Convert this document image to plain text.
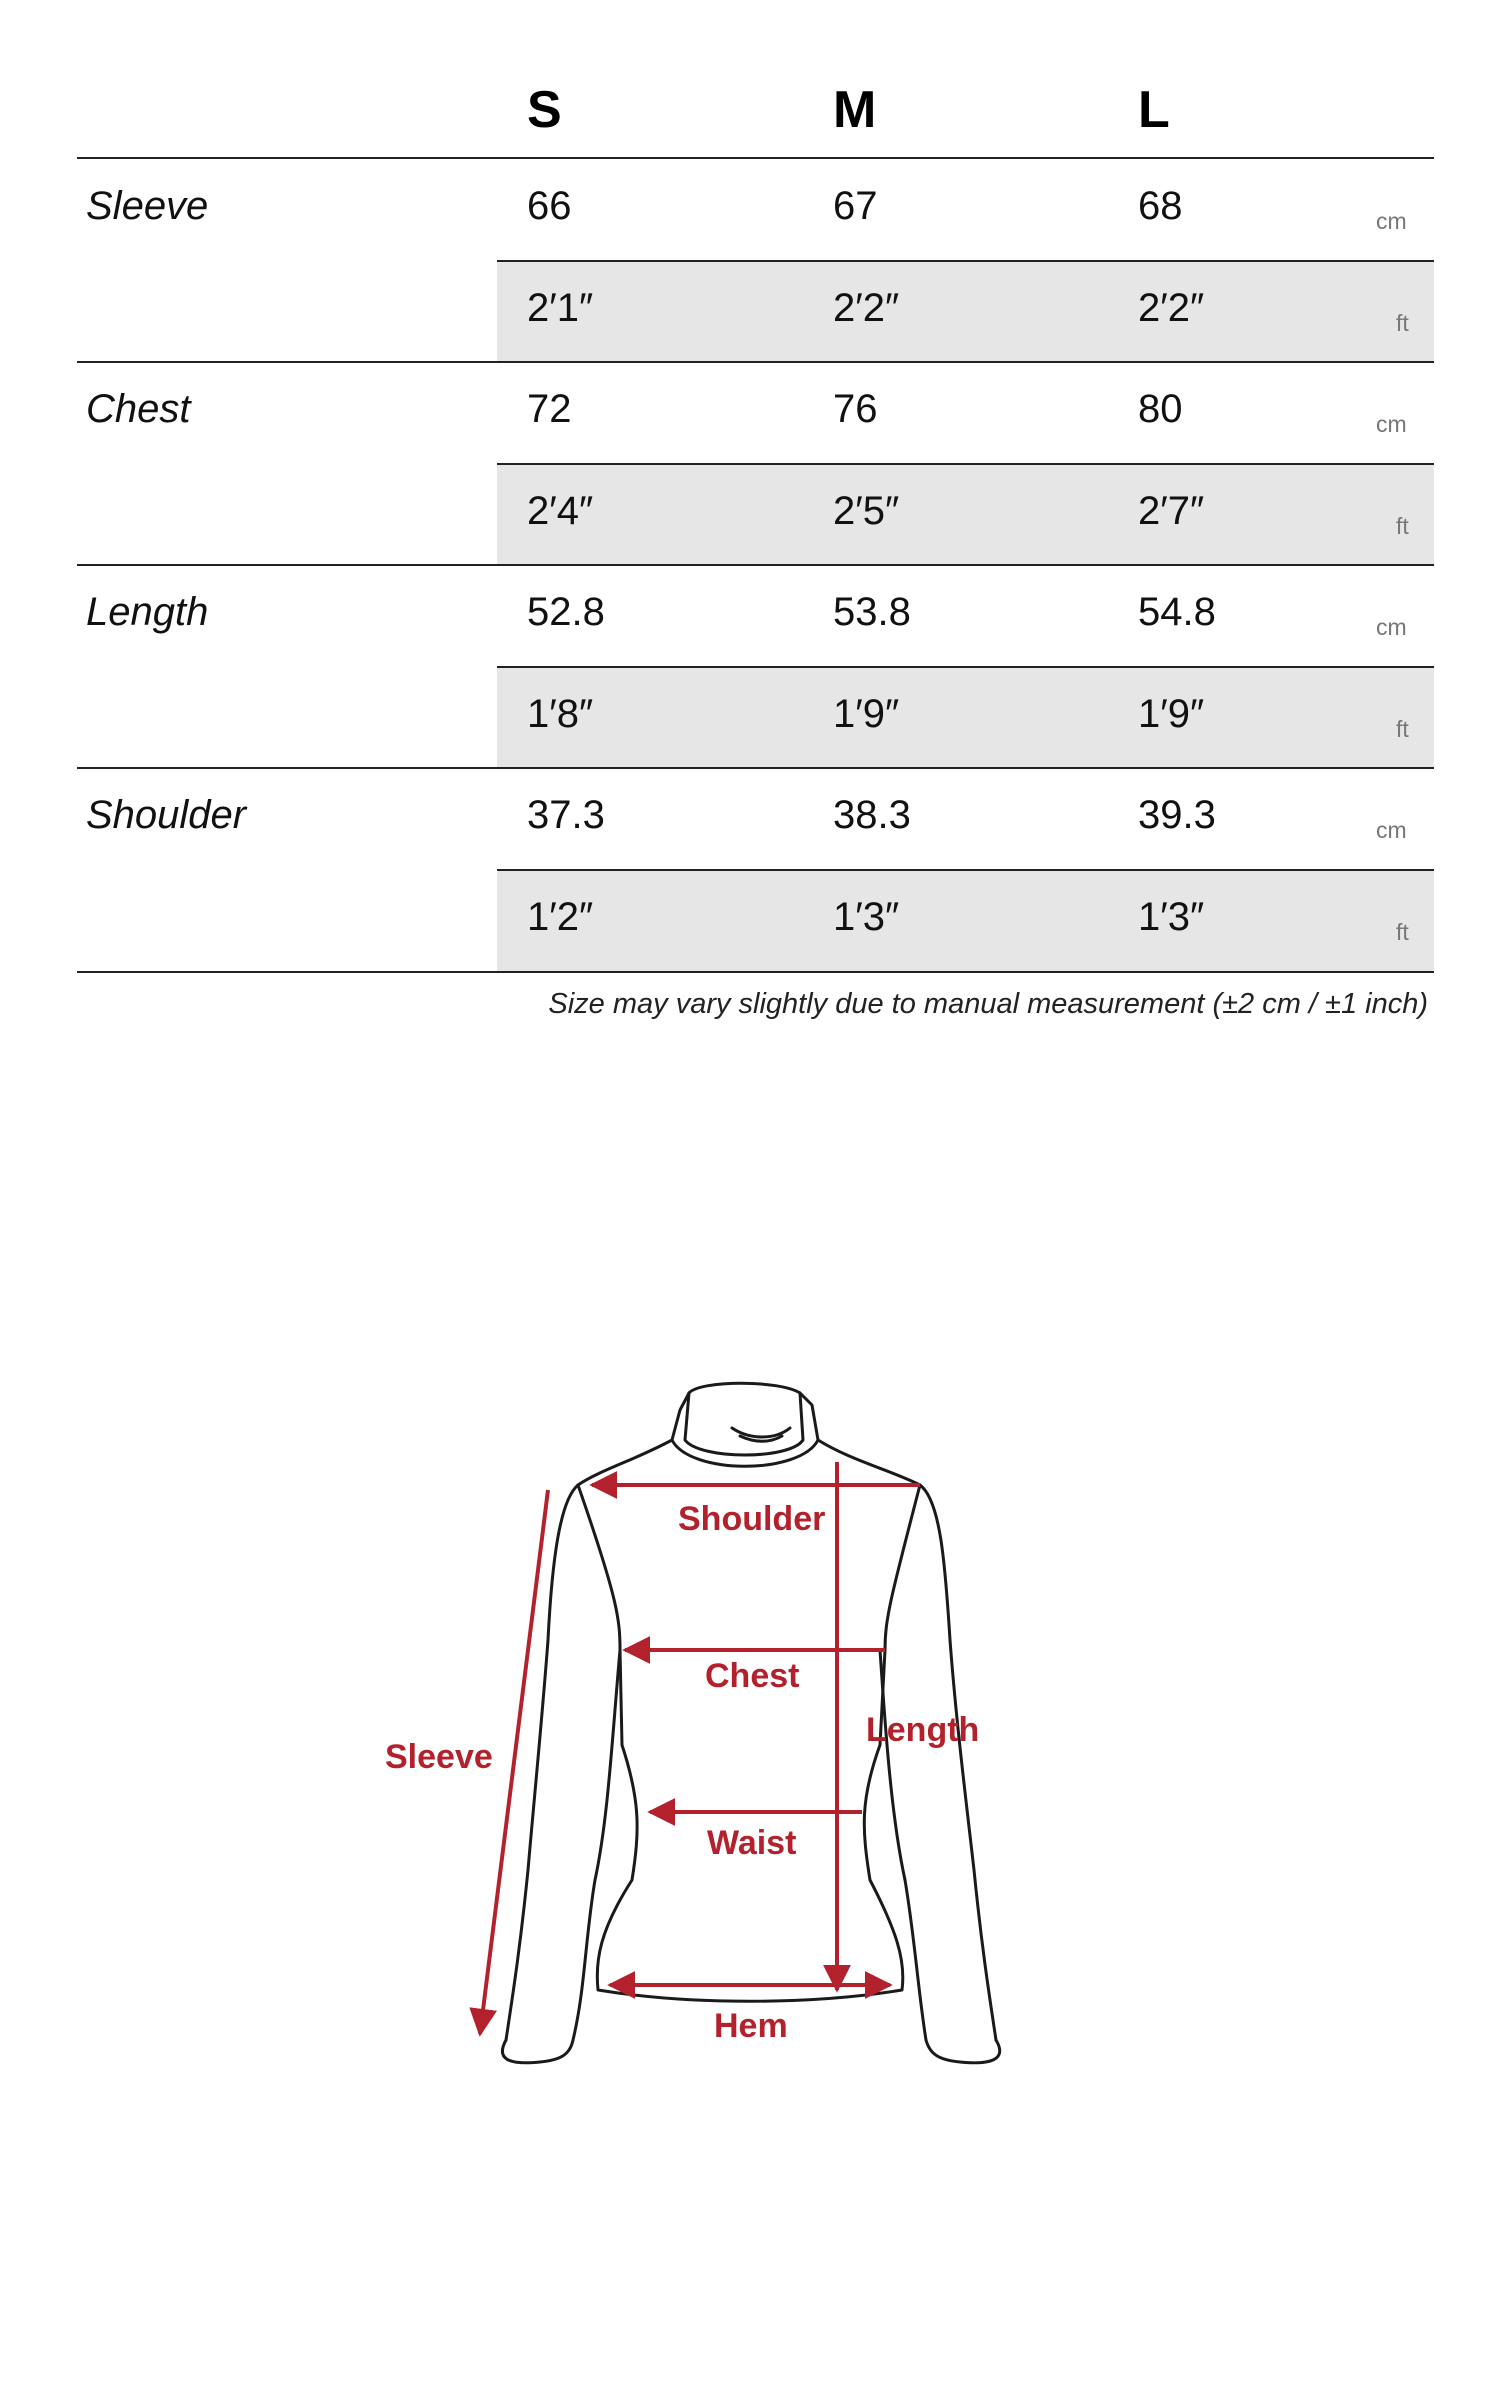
S	M	L
Sleeve	66	67	68	cm
2′1″	2′2″	2′2″	ft
Chest	72	76	80	cm
2′4″	2′5″	2′7″	ft
Length	52.8	53.8	54.8	cm
1′8″	1′9″	1′9″	ft
Shoulder	37.3	38.3	39.3	cm
1′2″	1′3″	1′3″	ft
Size may vary slightly due to manual measurement (±2 cm / ±1 inch)
Shoulder
Chest
Length
Sleeve
Waist
Hem
